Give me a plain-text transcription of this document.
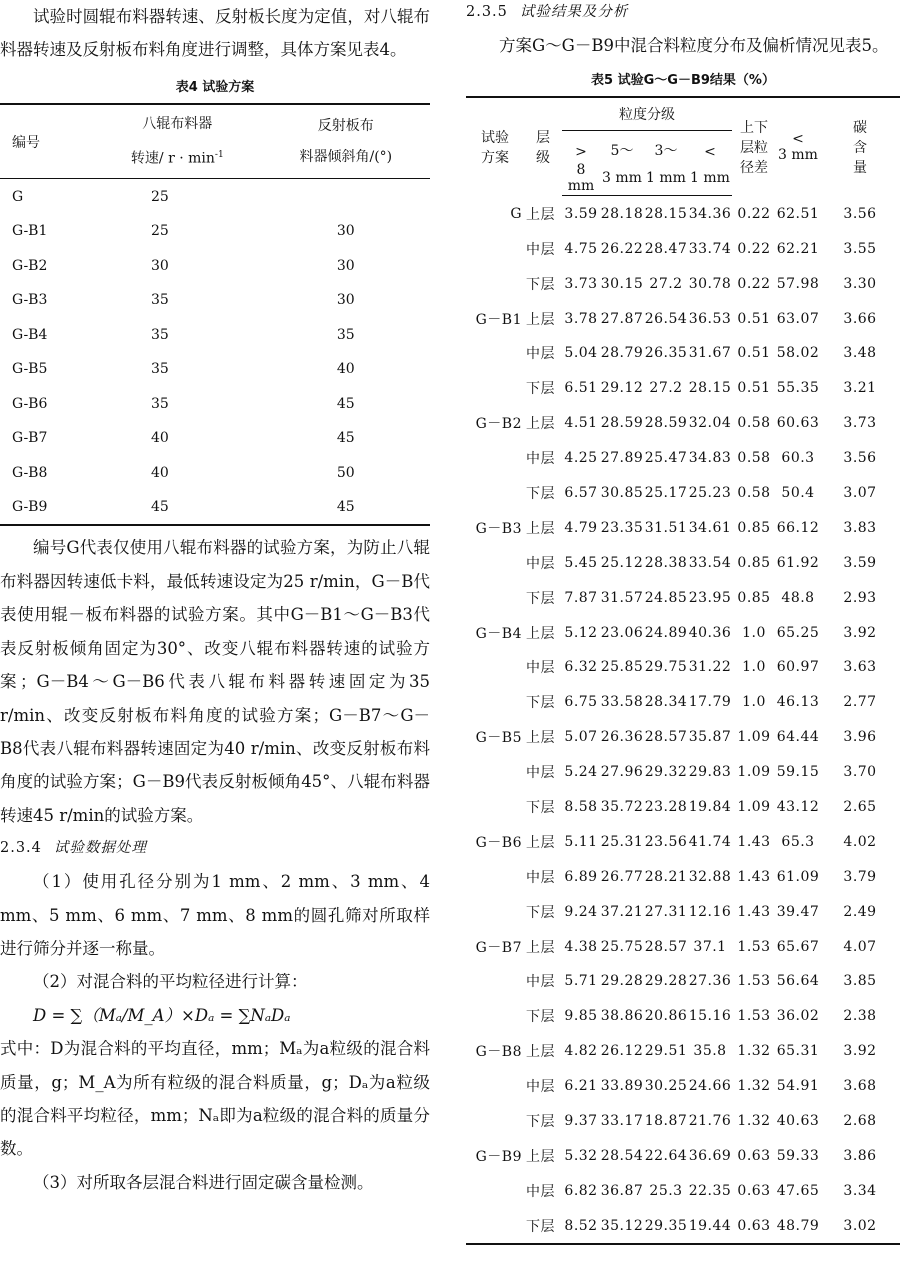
试验时圆辊布料器转速、反射板长度为定值，对八辊布料器转速及反射板布料角度进行调整，具体方案见表4。

表4 试验方案

编号	八辊布料器
转速/ $r \cdot \min^{-1}$	反射板布
料器倾斜角/(°)
G	25	
G-B1	25	30
G-B2	30	30
G-B3	35	30
G-B4	35	35
G-B5	35	40
G-B6	35	45
G-B7	40	45
G-B8	40	50
G-B9	45	45

编号G代表仅使用八辊布料器的试验方案，为防止八辊布料器因转速低卡料，最低转速设定为25 r/min，G－B代表使用辊－板布料器的试验方案。其中G－B1～G－B3代表反射板倾角固定为30°、改变八辊布料器转速的试验方案；G－B4～G－B6代表八辊布料器转速固定为35 r/min、改变反射板布料角度的试验方案；G－B7～G－B8代表八辊布料器转速固定为40 r/min、改变反射板布料角度的试验方案；G－B9代表反射板倾角45°、八辊布料器转速45 r/min的试验方案。

2.3.4 试验数据处理

（1）使用孔径分别为1 mm、2 mm、3 mm、4 mm、5 mm、6 mm、7 mm、8 mm的圆孔筛对所取样进行筛分并逐一称量。

（2）对混合料的平均粒径进行计算：

D = ∑（Mₐ/M_A）×Dₐ = ∑NₐDₐ

式中：D为混合料的平均直径，mm；Mₐ为a粒级的混合料质量，g；M_A为所有粒级的混合料质量，g；Dₐ为a粒级的混合料平均粒径，mm；Nₐ即为a粒级的混合料的质量分数。

（3）对所取各层混合料进行固定碳含量检测。

2.3.5 试验结果及分析

方案G～G－B9中混合料粒度分布及偏析情况见表5。

表5 试验G～G－B9结果（%）

试验
方案	层
级	粒度分级				上下
层粒
径差	<
3 mm	碳
含
量
		>	5～	3～	<			
		8 mm	3 mm	1 mm	1 mm			
G	上层	3.59	28.18	28.15	34.36	0.22	62.51	3.56
	中层	4.75	26.22	28.47	33.74	0.22	62.21	3.55
	下层	3.73	30.15	27.2	30.78	0.22	57.98	3.30
G－B1	上层	3.78	27.87	26.54	36.53	0.51	63.07	3.66
	中层	5.04	28.79	26.35	31.67	0.51	58.02	3.48
	下层	6.51	29.12	27.2	28.15	0.51	55.35	3.21
G－B2	上层	4.51	28.59	28.59	32.04	0.58	60.63	3.73
	中层	4.25	27.89	25.47	34.83	0.58	60.3	3.56
	下层	6.57	30.85	25.17	25.23	0.58	50.4	3.07
G－B3	上层	4.79	23.35	31.51	34.61	0.85	66.12	3.83
	中层	5.45	25.12	28.38	33.54	0.85	61.92	3.59
	下层	7.87	31.57	24.85	23.95	0.85	48.8	2.93
G－B4	上层	5.12	23.06	24.89	40.36	1.0	65.25	3.92
	中层	6.32	25.85	29.75	31.22	1.0	60.97	3.63
	下层	6.75	33.58	28.34	17.79	1.0	46.13	2.77
G－B5	上层	5.07	26.36	28.57	35.87	1.09	64.44	3.96
	中层	5.24	27.96	29.32	29.83	1.09	59.15	3.70
	下层	8.58	35.72	23.28	19.84	1.09	43.12	2.65
G－B6	上层	5.11	25.31	23.56	41.74	1.43	65.3	4.02
	中层	6.89	26.77	28.21	32.88	1.43	61.09	3.79
	下层	9.24	37.21	27.31	12.16	1.43	39.47	2.49
G－B7	上层	4.38	25.75	28.57	37.1	1.53	65.67	4.07
	中层	5.71	29.28	29.28	27.36	1.53	56.64	3.85
	下层	9.85	38.86	20.86	15.16	1.53	36.02	2.38
G－B8	上层	4.82	26.12	29.51	35.8	1.32	65.31	3.92
	中层	6.21	33.89	30.25	24.66	1.32	54.91	3.68
	下层	9.37	33.17	18.87	21.76	1.32	40.63	2.68
G－B9	上层	5.32	28.54	22.64	36.69	0.63	59.33	3.86
	中层	6.82	36.87	25.3	22.35	0.63	47.65	3.34
	下层	8.52	35.12	29.35	19.44	0.63	48.79	3.02
